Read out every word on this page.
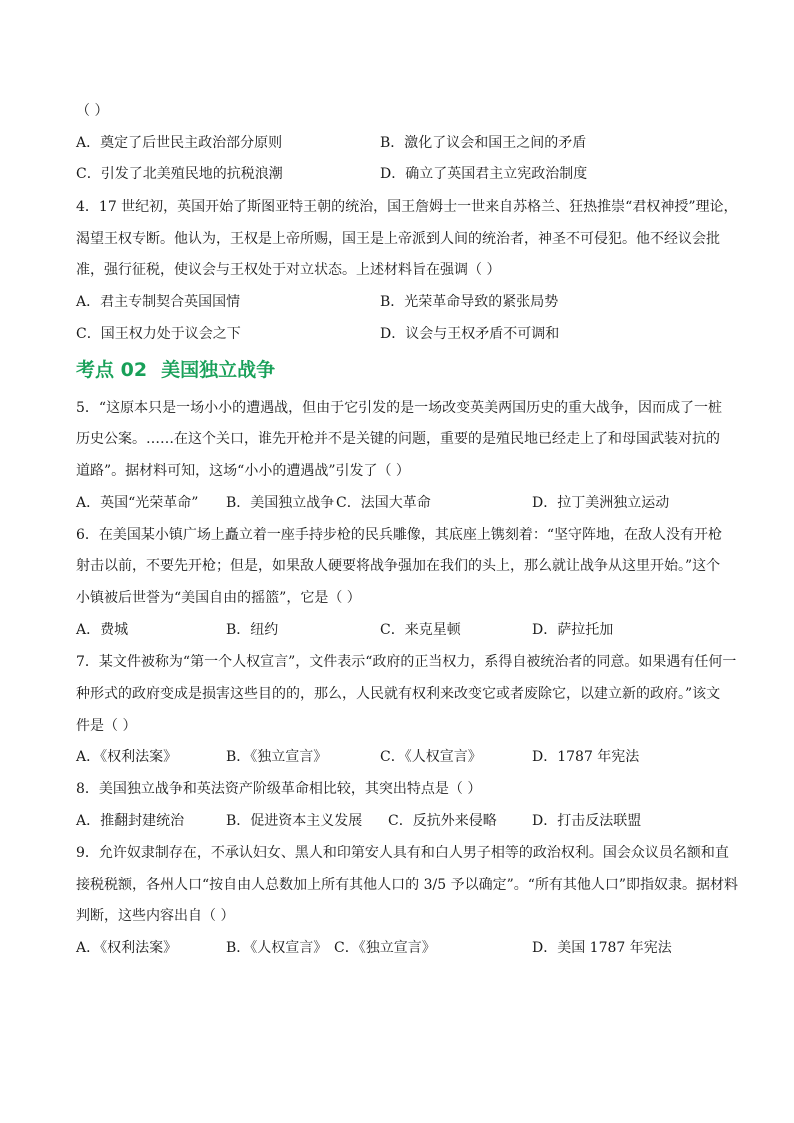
（ ）
A．奠定了后世民主政治部分原则	B．激化了议会和国王之间的矛盾
C．引发了北美殖民地的抗税浪潮	D．确立了英国君主立宪政治制度
4．17 世纪初，英国开始了斯图亚特王朝的统治，国王詹姆士一世来自苏格兰、狂热推崇“君权神授”理论，
渴望王权专断。他认为，王权是上帝所赐，国王是上帝派到人间的统治者，神圣不可侵犯。他不经议会批
准，强行征税，使议会与王权处于对立状态。上述材料旨在强调（ ）
A．君主专制契合英国国情	B．光荣革命导致的紧张局势
C．国王权力处于议会之下	D．议会与王权矛盾不可调和
考点 02 美国独立战争
5．“这原本只是一场小小的遭遇战，但由于它引发的是一场改变英美两国历史的重大战争，因而成了一桩
历史公案。……在这个关口，谁先开枪并不是关键的问题，重要的是殖民地已经走上了和母国武装对抗的
道路”。据材料可知，这场“小小的遭遇战”引发了（ ）
A．英国“光荣革命” B．美国独立战争 C．法国大革命	D．拉丁美洲独立运动
6．在美国某小镇广场上矗立着一座手持步枪的民兵雕像，其底座上镌刻着：“坚守阵地，在敌人没有开枪
射击以前，不要先开枪；但是，如果敌人硬要将战争强加在我们的头上，那么就让战争从这里开始。”这个
小镇被后世誉为“美国自由的摇篮”，它是（ ）
A．费城	B．纽约	C．来克星顿	D．萨拉托加
7．某文件被称为“第一个人权宣言”，文件表示“政府的正当权力，系得自被统治者的同意。如果遇有任何一
种形式的政府变成是损害这些目的的，那么，人民就有权利来改变它或者废除它，以建立新的政府。”该文
件是（ ）
A．《权利法案》	B．《独立宣言》	C．《人权宣言》	D．1787 年宪法
8．美国独立战争和英法资产阶级革命相比较，其突出特点是（ ）
A．推翻封建统治	B．促进资本主义发展 C．反抗外来侵略	D．打击反法联盟
9．允许奴隶制存在，不承认妇女、黑人和印第安人具有和白人男子相等的政治权利。国会众议员名额和直
接税税额，各州人口“按自由人总数加上所有其他人口的 3/5 予以确定”。“所有其他人口”即指奴隶。据材料
判断，这些内容出自（ ）
A．《权利法案》	B．《人权宣言》 C．《独立宣言》	D．美国 1787 年宪法
